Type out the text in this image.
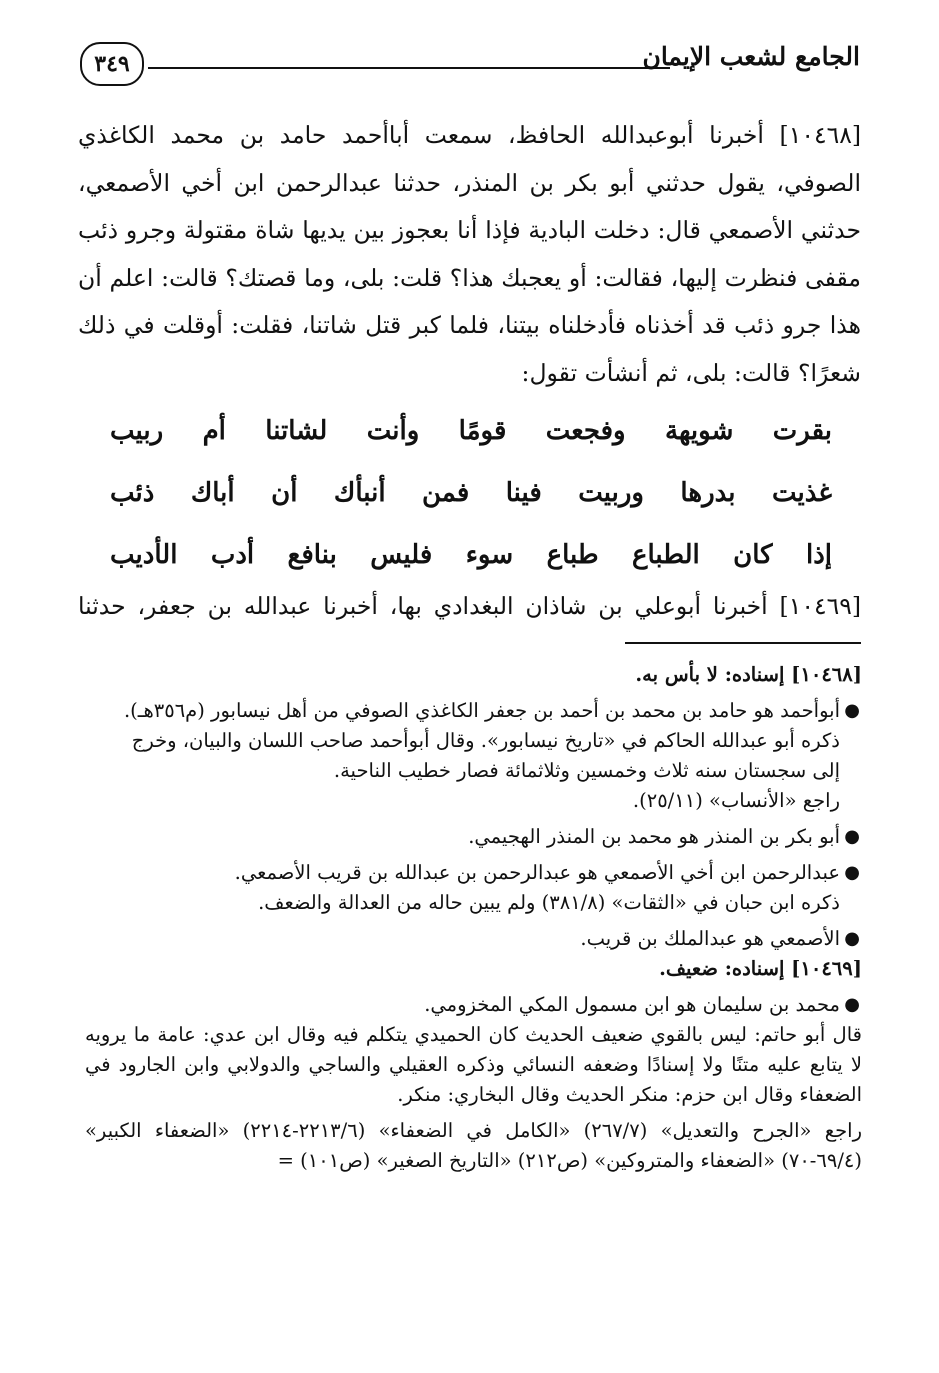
٣٤٩	الجامع لشعب الإيمان

[١٠٤٦٨] أخبرنا أبوعبدالله الحافظ، سمعت أباأحمد حامد بن محمد الكاغذي الصوفي، يقول حدثني أبو بكر بن المنذر، حدثنا عبدالرحمن ابن أخي الأصمعي، حدثني الأصمعي قال: دخلت البادية فإذا أنا بعجوز بين يديها شاة مقتولة وجرو ذئب مقفى فنظرت إليها، فقالت: أو يعجبك هذا؟ قلت: بلى، وما قصتك؟ قالت: اعلم أن هذا جرو ذئب قد أخذناه فأدخلناه بيتنا، فلما كبر قتل شاتنا، فقلت: أوقلت في ذلك شعرًا؟ قالت: بلى، ثم أنشأت تقول:

بقرت شويهة وفجعت قومًا وأنت لشاتنا أم ربيب
غذيت بدرها وربيت فينا فمن أنبأك أن أباك ذئب
إذا كان الطباع طباع سوء فليس بنافع أدب الأديب
[١٠٤٦٩] أخبرنا أبوعلي بن شاذان البغدادي بها، أخبرنا عبدالله بن جعفر، حدثنا

[١٠٤٦٨] إسناده: لا بأس به.

●
أبوأحمد هو حامد بن محمد بن أحمد بن جعفر الكاغذي الصوفي من أهل نيسابور (م٣٥٦هـ).

ذكره أبو عبدالله الحاكم في «تاريخ نيسابور». وقال أبوأحمد صاحب اللسان والبيان، وخرج

إلى سجستان سنه ثلاث وخمسين وثلاثمائة فصار خطيب الناحية.

راجع «الأنساب» (٢٥/١١).

●
أبو بكر بن المنذر هو محمد بن المنذر الهجيمي.

●
عبدالرحمن ابن أخي الأصمعي هو عبدالرحمن بن عبدالله بن قريب الأصمعي.

ذكره ابن حبان في «الثقات» (٣٨١/٨) ولم يبين حاله من العدالة والضعف.

●
الأصمعي هو عبدالملك بن قريب.

[١٠٤٦٩] إسناده: ضعيف.

●
محمد بن سليمان هو ابن مسمول المكي المخزومي.

قال أبو حاتم: ليس بالقوي ضعيف الحديث كان الحميدي يتكلم فيه وقال ابن عدي: عامة ما يرويه لا يتابع عليه متنًا ولا إسنادًا وضعفه النسائي وذكره العقيلي والساجي والدولابي وابن الجارود في الضعفاء وقال ابن حزم: منكر الحديث وقال البخاري: منكر.

راجع «الجرح والتعديل» (٢٦٧/٧) «الكامل في الضعفاء» (٢٢١٣/٦-٢٢١٤) «الضعفاء الكبير» (٦٩/٤-٧٠) «الضعفاء والمتروكين» (ص٢١٢) «التاريخ الصغير» (ص١٠١) =
